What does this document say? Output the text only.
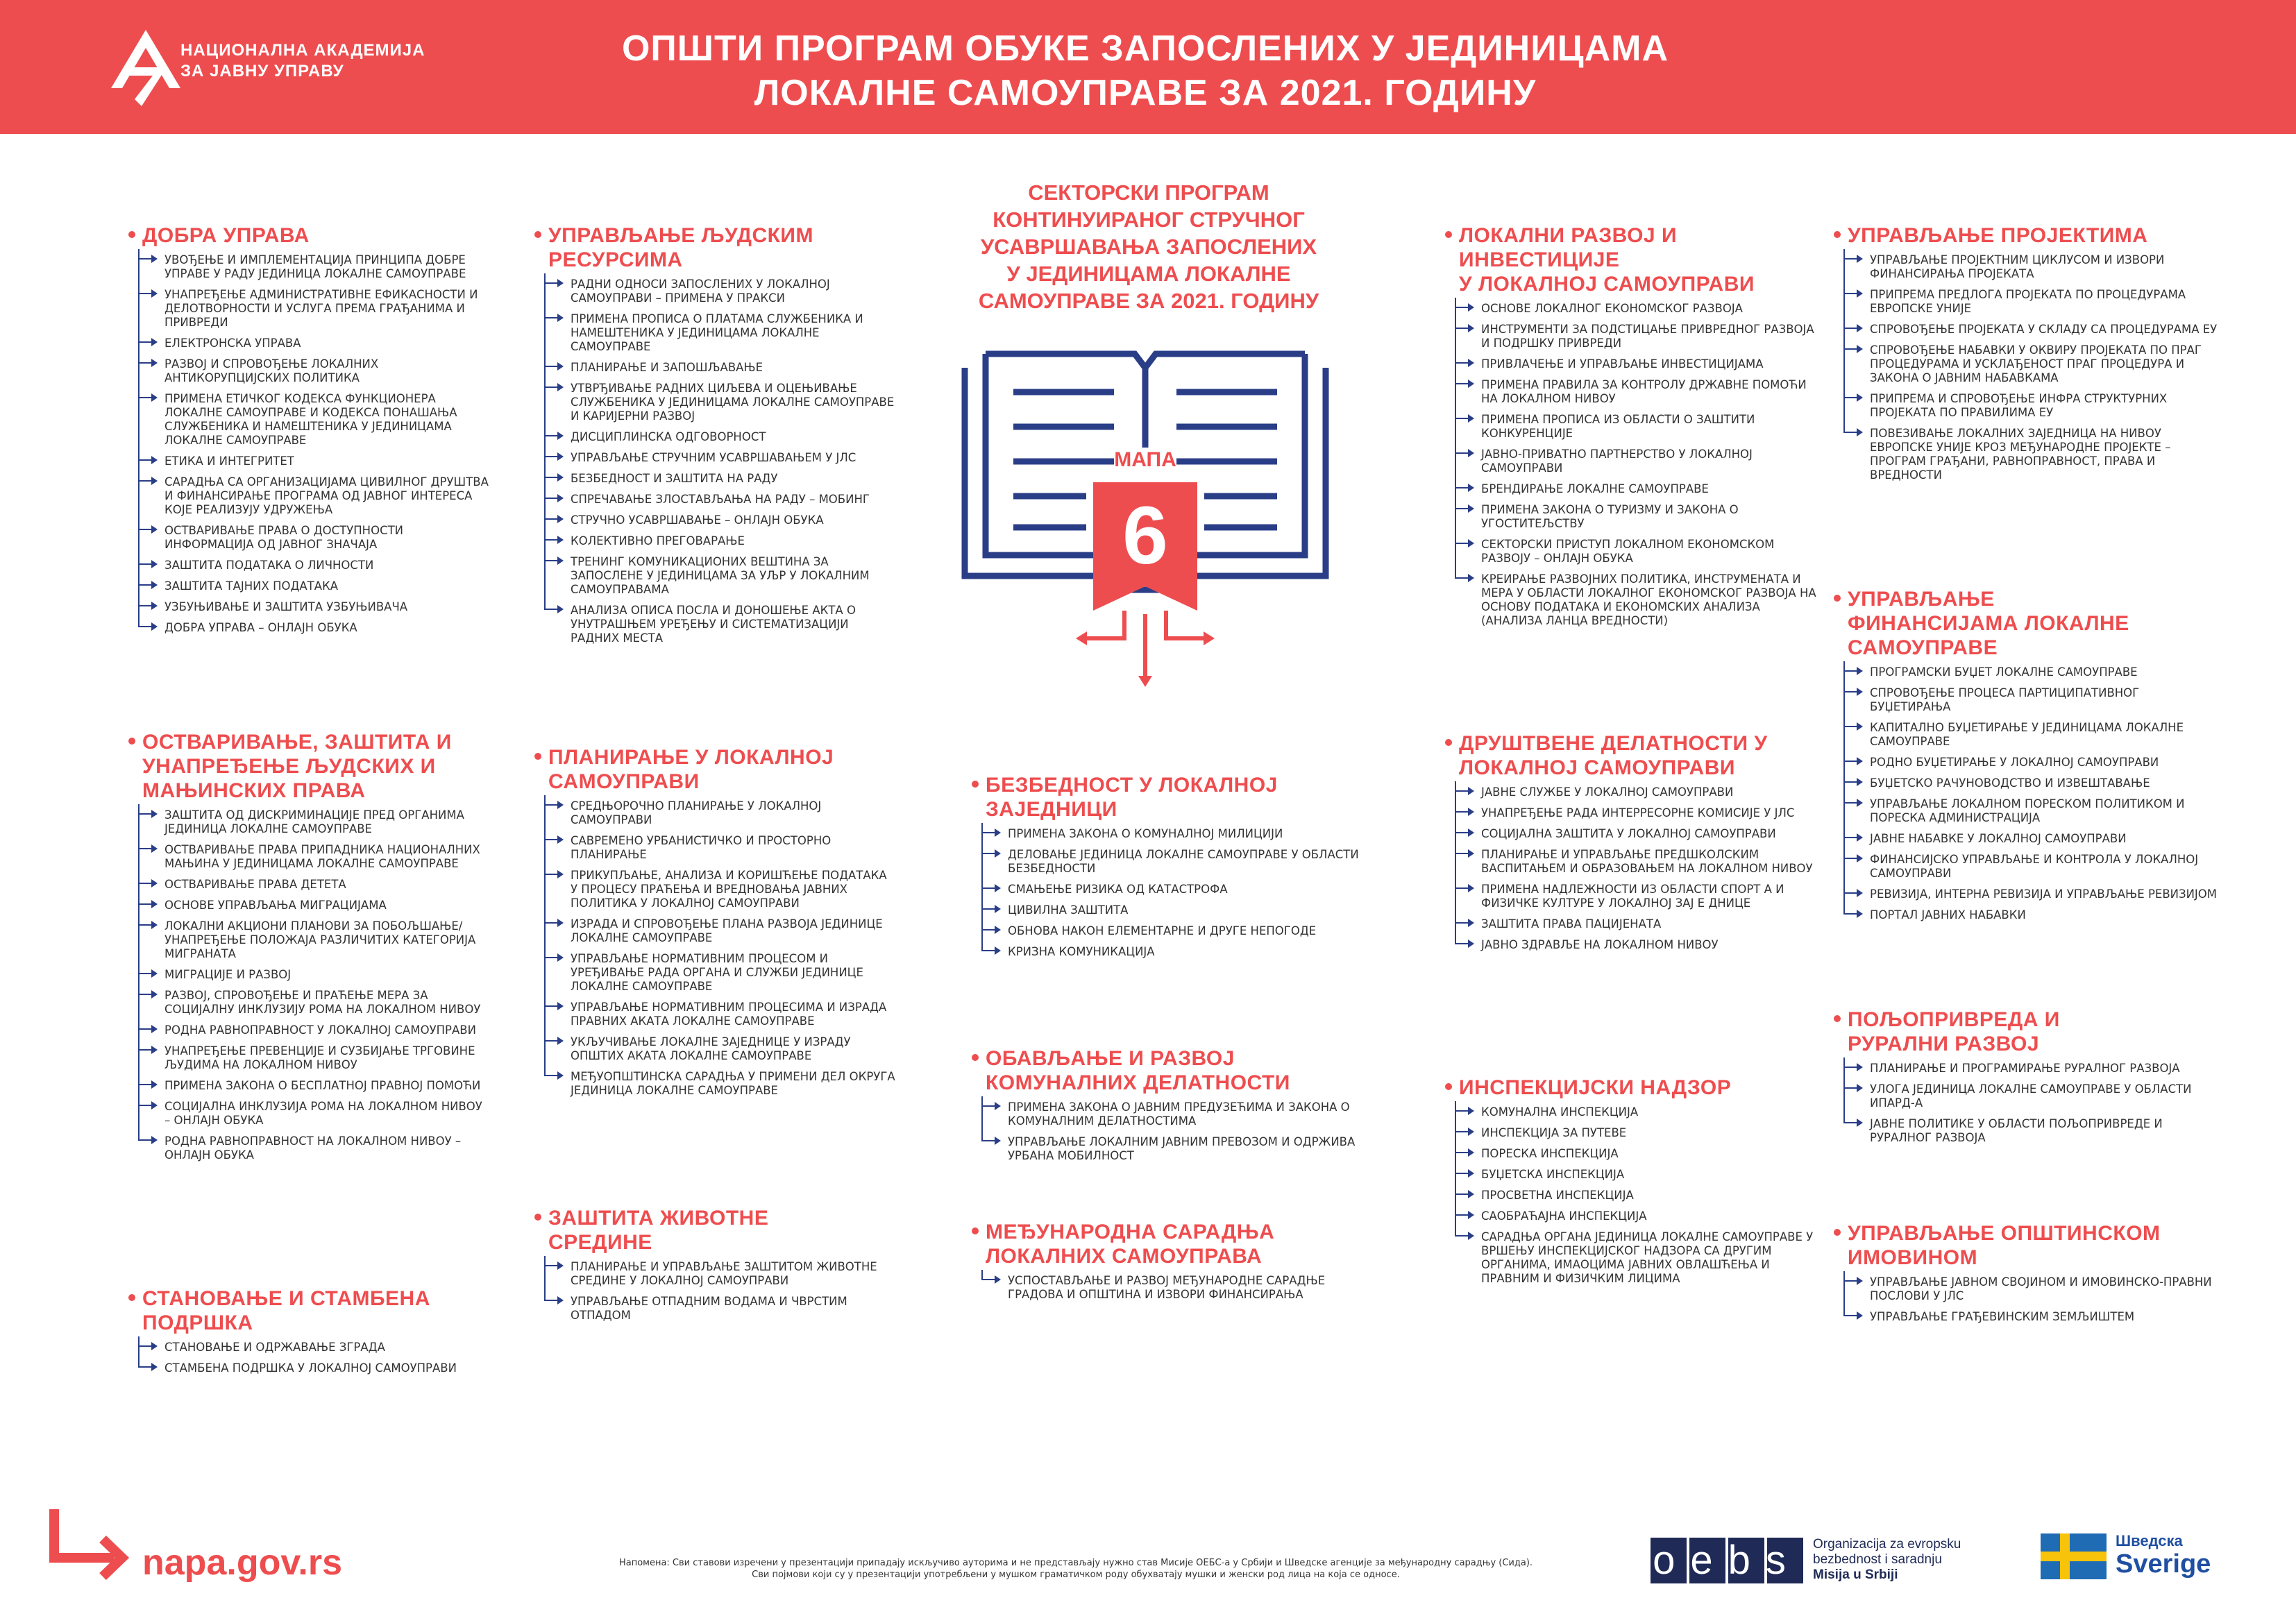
НАЦИОНАЛНА АКАДЕМИЈА
ЗА ЈАВНУ УПРАВУ
ОПШТИ ПРОГРАМ ОБУКЕ ЗАПОСЛЕНИХ У ЈЕДИНИЦАМА
ЛОКАЛНЕ САМОУПРАВЕ ЗА 2021. ГОДИНУ
ДОБРА УПРАВА
УВОЂЕЊЕ И ИМПЛЕМЕНТАЦИЈА ПРИНЦИПА ДОБРЕ УПРАВЕ У РАДУ ЈЕДИНИЦА ЛОКАЛНЕ САМОУПРАВЕ
УНАПРЕЂЕЊЕ АДМИНИСТРАТИВНЕ ЕФИКАСНОСТИ И ДЕЛОТВОРНОСТИ И УСЛУГА ПРЕМА ГРАЂАНИМА И ПРИВРЕДИ
ЕЛЕКТРОНСКА УПРАВА
РАЗВОЈ И СПРОВОЂЕЊЕ ЛОКАЛНИХ АНТИКОРУПЦИЈСКИХ ПОЛИТИКА
ПРИМЕНА ЕТИЧКОГ КОДЕКСА ФУНКЦИОНЕРА ЛОКАЛНЕ САМОУПРАВЕ И КОДЕКСА ПОНАШАЊА СЛУЖБЕНИКА И НАМЕШТЕНИКА У ЈЕДИНИЦАМА ЛОКАЛНЕ САМОУПРАВЕ
ЕТИКА И ИНТЕГРИТЕТ
САРАДЊА СА ОРГАНИЗАЦИЈАМА ЦИВИЛНОГ ДРУШТВА И ФИНАНСИРАЊЕ ПРОГРАМА ОД ЈАВНОГ ИНТЕРЕСА КОЈЕ РЕАЛИЗУЈУ УДРУЖЕЊА
ОСТВАРИВАЊЕ ПРАВА О ДОСТУПНОСТИ ИНФОРМАЦИЈА ОД ЈАВНОГ ЗНАЧАЈА
ЗАШТИТА ПОДАТАКА О ЛИЧНОСТИ
ЗАШТИТА ТАЈНИХ ПОДАТАКА
УЗБУЊИВАЊЕ И ЗАШТИТА УЗБУЊИВАЧА
ДОБРА УПРАВА – ОНЛАЈН ОБУКА
ОСТВАРИВАЊЕ, ЗАШТИТА И
УНАПРЕЂЕЊЕ ЉУДСКИХ И
МАЊИНСКИХ ПРАВА
ЗАШТИТА ОД ДИСКРИМИНАЦИЈЕ ПРЕД ОРГАНИМА ЈЕДИНИЦА ЛОКАЛНЕ САМОУПРАВЕ
ОСТВАРИВАЊЕ ПРАВА ПРИПАДНИКА НАЦИОНАЛНИХ МАЊИНА У ЈЕДИНИЦАМА ЛОКАЛНЕ САМОУПРАВЕ
ОСТВАРИВАЊЕ ПРАВА ДЕТЕТА
ОСНОВЕ УПРАВЉАЊА МИГРАЦИЈАМА
ЛОКАЛНИ АКЦИОНИ ПЛАНОВИ ЗА ПОБОЉШАЊЕ/УНАПРЕЂЕЊЕ ПОЛОЖАЈА РАЗЛИЧИТИХ КАТЕГОРИЈА МИГРАНАТА
МИГРАЦИЈЕ И РАЗВОЈ
РАЗВОЈ, СПРОВОЂЕЊЕ И ПРАЋЕЊЕ МЕРА ЗА СОЦИЈАЛНУ ИНКЛУЗИЈУ РОМА НА ЛОКАЛНОМ НИВОУ
РОДНА РАВНОПРАВНОСТ У ЛОКАЛНОЈ САМОУПРАВИ
УНАПРЕЂЕЊЕ ПРЕВЕНЦИЈЕ И СУЗБИЈАЊЕ ТРГОВИНЕ ЉУДИМА НА ЛОКАЛНОМ НИВОУ
ПРИМЕНА ЗАКОНА О БЕСПЛАТНОЈ ПРАВНОЈ ПОМОЋИ
СОЦИЈАЛНА ИНКЛУЗИЈА РОМА НА ЛОКАЛНОМ НИВОУ – ОНЛАЈН ОБУКА
РОДНА РАВНОПРАВНОСТ НА ЛОКАЛНОМ НИВОУ – ОНЛАЈН ОБУКА
СТАНОВАЊЕ И СТАМБЕНА
ПОДРШКА
СТАНОВАЊЕ И ОДРЖАВАЊЕ ЗГРАДА
СТАМБЕНА ПОДРШКА У ЛОКАЛНОЈ САМОУПРАВИ
УПРАВЉАЊЕ ЉУДСКИМ
РЕСУРСИМА
РАДНИ ОДНОСИ ЗАПОСЛЕНИХ У ЛОКАЛНОЈ САМОУПРАВИ – ПРИМЕНА У ПРАКСИ
ПРИМЕНА ПРОПИСА О ПЛАТАМА СЛУЖБЕНИКА И НАМЕШТЕНИКА У ЈЕДИНИЦАМА ЛОКАЛНЕ САМОУПРАВЕ
ПЛАНИРАЊЕ И ЗАПОШЉАВАЊЕ
УТВРЂИВАЊЕ РАДНИХ ЦИЉЕВА И ОЦЕЊИВАЊЕ СЛУЖБЕНИКА У ЈЕДИНИЦАМА ЛОКАЛНЕ САМОУПРАВЕ И КАРИЈЕРНИ РАЗВОЈ
ДИСЦИПЛИНСКА ОДГОВОРНОСТ
УПРАВЉАЊЕ СТРУЧНИМ УСАВРШАВАЊЕМ У ЈЛС
БЕЗБЕДНОСТ И ЗАШТИТА НА РАДУ
СПРЕЧАВАЊЕ ЗЛОСТАВЉАЊА НА РАДУ – МОБИНГ
СТРУЧНО УСАВРШАВАЊЕ – ОНЛАЈН ОБУКА
КОЛЕКТИВНО ПРЕГОВАРАЊЕ
ТРЕНИНГ КОМУНИКАЦИОНИХ ВЕШТИНА ЗА ЗАПОСЛЕНЕ У ЈЕДИНИЦАМА ЗА УЉР У ЛОКАЛНИМ САМОУПРАВАМА
АНАЛИЗА ОПИСА ПОСЛА И ДОНОШЕЊЕ АКТА О УНУТРАШЊЕМ УРЕЂЕЊУ И СИСТЕМАТИЗАЦИЈИ РАДНИХ МЕСТА
ПЛАНИРАЊЕ У ЛОКАЛНОЈ
САМОУПРАВИ
СРЕДЊОРОЧНО ПЛАНИРАЊЕ У ЛОКАЛНОЈ САМОУПРАВИ
САВРЕМЕНО УРБАНИСТИЧКО И ПРОСТОРНО ПЛАНИРАЊЕ
ПРИКУПЉАЊЕ, АНАЛИЗА И КОРИШЋЕЊЕ ПОДАТАКА У ПРОЦЕСУ ПРАЋЕЊА И ВРЕДНОВАЊА ЈАВНИХ ПОЛИТИКА У ЛОКАЛНОЈ САМОУПРАВИ
ИЗРАДА И СПРОВОЂЕЊЕ ПЛАНА РАЗВОЈА ЈЕДИНИЦЕ ЛОКАЛНЕ САМОУПРАВЕ
УПРАВЉАЊЕ НОРМАТИВНИМ ПРОЦЕСОМ И УРЕЂИВАЊЕ РАДА ОРГАНА И СЛУЖБИ ЈЕДИНИЦЕ ЛОКАЛНЕ САМОУПРАВЕ
УПРАВЉАЊЕ НОРМАТИВНИМ ПРОЦЕСИМА И ИЗРАДА ПРАВНИХ АКАТА ЛОКАЛНЕ САМОУПРАВЕ
УКЉУЧИВАЊЕ ЛОКАЛНЕ ЗАЈЕДНИЦЕ У ИЗРАДУ ОПШТИХ АКАТА ЛОКАЛНЕ САМОУПРАВЕ
МЕЂУОПШТИНСКА САРАДЊА У ПРИМЕНИ ДЕЛ ОКРУГА ЈЕДИНИЦА ЛОКАЛНЕ САМОУПРАВЕ
ЗАШТИТА ЖИВОТНЕ
СРЕДИНЕ
ПЛАНИРАЊЕ И УПРАВЉАЊЕ ЗАШТИТОМ ЖИВОТНЕ СРЕДИНЕ У ЛОКАЛНОЈ САМОУПРАВИ
УПРАВЉАЊЕ ОТПАДНИМ ВОДАМА И ЧВРСТИМ ОТПАДОМ
СЕКТОРСКИ ПРОГРАМ
КОНТИНУИРАНОГ СТРУЧНОГ
УСАВРШАВАЊА ЗАПОСЛЕНИХ
У ЈЕДИНИЦАМА ЛОКАЛНЕ
САМОУПРАВЕ ЗА 2021. ГОДИНУ
МАПА
6
БЕЗБЕДНОСТ У ЛОКАЛНОЈ
ЗАЈЕДНИЦИ
ПРИМЕНА ЗАКОНА О КОМУНАЛНОЈ МИЛИЦИЈИ
ДЕЛОВАЊЕ ЈЕДИНИЦА ЛОКАЛНЕ САМОУПРАВЕ У ОБЛАСТИ БЕЗБЕДНОСТИ
СМАЊЕЊЕ РИЗИКА ОД КАТАСТРОФА
ЦИВИЛНА ЗАШТИТА
ОБНОВА НАКОН ЕЛЕМЕНТАРНЕ И ДРУГЕ НЕПОГОДЕ
КРИЗНА КОМУНИКАЦИЈА
ОБАВЉАЊЕ И РАЗВОЈ
КОМУНАЛНИХ ДЕЛАТНОСТИ
ПРИМЕНА ЗАКОНА О ЈАВНИМ ПРЕДУЗЕЋИМА И ЗАКОНА О КОМУНАЛНИМ ДЕЛАТНОСТИМА
УПРАВЉАЊЕ ЛОКАЛНИМ ЈАВНИМ ПРЕВОЗОМ И ОДРЖИВА УРБАНА МОБИЛНОСТ
МЕЂУНАРОДНА САРАДЊА
ЛОКАЛНИХ САМОУПРАВА
УСПОСТАВЉАЊЕ И РАЗВОЈ МЕЂУНАРОДНЕ САРАДЊЕ ГРАДОВА И ОПШТИНА И ИЗВОРИ ФИНАНСИРАЊА
ЛОКАЛНИ РАЗВОЈ И
ИНВЕСТИЦИЈЕ
У ЛОКАЛНОЈ САМОУПРАВИ
ОСНОВЕ ЛОКАЛНОГ ЕКОНОМСКОГ РАЗВОЈА
ИНСТРУМЕНТИ ЗА ПОДСТИЦАЊЕ ПРИВРЕДНОГ РАЗВОЈА И ПОДРШКУ ПРИВРЕДИ
ПРИВЛАЧЕЊЕ И УПРАВЉАЊЕ ИНВЕСТИЦИЈАМА
ПРИМЕНА ПРАВИЛА ЗА КОНТРОЛУ ДРЖАВНЕ ПОМОЋИ НА ЛОКАЛНОМ НИВОУ
ПРИМЕНА ПРОПИСА ИЗ ОБЛАСТИ О ЗАШТИТИ КОНКУРЕНЦИЈЕ
ЈАВНО-ПРИВАТНО ПАРТНЕРСТВО У ЛОКАЛНОЈ САМОУПРАВИ
БРЕНДИРАЊЕ ЛОКАЛНЕ САМОУПРАВЕ
ПРИМЕНА ЗАКОНА О ТУРИЗМУ И ЗАКОНА О УГОСТИТЕЉСТВУ
СЕКТОРСКИ ПРИСТУП ЛОКАЛНОМ ЕКОНОМСКОМ РАЗВОЈУ – ОНЛАЈН ОБУКА
КРЕИРАЊЕ РАЗВОЈНИХ ПОЛИТИКА, ИНСТРУМЕНАТА И МЕРА У ОБЛАСТИ ЛОКАЛНОГ ЕКОНОМСКОГ РАЗВОЈА НА ОСНОВУ ПОДАТАКА И ЕКОНОМСКИХ АНАЛИЗА (АНАЛИЗА ЛАНЦА ВРЕДНОСТИ)
ДРУШТВЕНЕ ДЕЛАТНОСТИ У
ЛОКАЛНОЈ САМОУПРАВИ
ЈАВНЕ СЛУЖБЕ У ЛОКАЛНОЈ САМОУПРАВИ
УНАПРЕЂЕЊЕ РАДА ИНТЕРРЕСОРНЕ КОМИСИЈЕ У ЈЛС
СОЦИЈАЛНА ЗАШТИТА У ЛОКАЛНОЈ САМОУПРАВИ
ПЛАНИРАЊЕ И УПРАВЉАЊЕ ПРЕДШКОЛСКИМ ВАСПИТАЊЕМ И ОБРАЗОВАЊЕМ НА ЛОКАЛНОМ НИВОУ
ПРИМЕНА НАДЛЕЖНОСТИ ИЗ ОБЛАСТИ СПОРТ А И ФИЗИЧКЕ КУЛТУРЕ У ЛОКАЛНОЈ ЗАЈ Е ДНИЦЕ
ЗАШТИТА ПРАВА ПАЦИЈЕНАТА
ЈАВНО ЗДРАВЉЕ НА ЛОКАЛНОМ НИВОУ
ИНСПЕКЦИЈСКИ НАДЗОР
КОМУНАЛНА ИНСПЕКЦИЈА
ИНСПЕКЦИЈА ЗА ПУТЕВЕ
ПОРЕСКА ИНСПЕКЦИЈА
БУЏЕТСКА ИНСПЕКЦИЈА
ПРОСВЕТНА ИНСПЕКЦИЈА
САОБРАЋАЈНА ИНСПЕКЦИЈА
САРАДЊА ОРГАНА ЈЕДИНИЦА ЛОКАЛНЕ САМОУПРАВЕ У ВРШЕЊУ ИНСПЕКЦИЈСКОГ НАДЗОРА СА ДРУГИМ ОРГАНИМА, ИМАОЦИМА ЈАВНИХ ОВЛАШЋЕЊА И ПРАВНИМ И ФИЗИЧКИМ ЛИЦИМА
УПРАВЉАЊЕ ПРОЈЕКТИМА
УПРАВЉАЊЕ ПРОЈЕКТНИМ ЦИКЛУСОМ И ИЗВОРИ ФИНАНСИРАЊА ПРОЈЕКАТА
ПРИПРЕМА ПРЕДЛОГА ПРОЈЕКАТА ПО ПРОЦЕДУРАМА ЕВРОПСКЕ УНИЈЕ
СПРОВОЂЕЊЕ ПРОЈЕКАТА У СКЛАДУ СА ПРОЦЕДУРАМА ЕУ
СПРОВОЂЕЊЕ НАБАВКИ У ОКВИРУ ПРОЈЕКАТА ПО ПРАГ ПРОЦЕДУРАМА И УСКЛАЂЕНОСТ ПРАГ ПРОЦЕДУРА И ЗАКОНА О ЈАВНИМ НАБАВКАМА
ПРИПРЕМА И СПРОВОЂЕЊЕ ИНФРА СТРУКТУРНИХ ПРОЈЕКАТА ПО ПРАВИЛИМА ЕУ
ПОВЕЗИВАЊЕ ЛОКАЛНИХ ЗАЈЕДНИЦА НА НИВОУ ЕВРОПСКЕ УНИЈЕ КРОЗ МЕЂУНАРОДНЕ ПРОЈЕКТЕ – ПРОГРАМ ГРАЂАНИ, РАВНОПРАВНОСТ, ПРАВА И ВРЕДНОСТИ
УПРАВЉАЊЕ
ФИНАНСИЈАМА ЛОКАЛНЕ
САМОУПРАВЕ
ПРОГРАМСКИ БУЏЕТ ЛОКАЛНЕ САМОУПРАВЕ
СПРОВОЂЕЊЕ ПРОЦЕСА ПАРТИЦИПАТИВНОГ БУЏЕТИРАЊА
КАПИТАЛНО БУЏЕТИРАЊЕ У ЈЕДИНИЦАМА ЛОКАЛНЕ САМОУПРАВЕ
РОДНО БУЏЕТИРАЊЕ У ЛОКАЛНОЈ САМОУПРАВИ
БУЏЕТСКО РАЧУНОВОДСТВО И ИЗВЕШТАВАЊЕ
УПРАВЉАЊЕ ЛОКАЛНОМ ПОРЕСКОМ ПОЛИТИКОМ И ПОРЕСКА АДМИНИСТРАЦИЈА
ЈАВНЕ НАБАВКЕ У ЛОКАЛНОЈ САМОУПРАВИ
ФИНАНСИЈСКО УПРАВЉАЊЕ И КОНТРОЛА У ЛОКАЛНОЈ САМОУПРАВИ
РЕВИЗИЈА, ИНТЕРНА РЕВИЗИЈА И УПРАВЉАЊЕ РЕВИЗИЈОМ
ПОРТАЛ ЈАВНИХ НАБАВКИ
ПОЉОПРИВРЕДА И
РУРАЛНИ РАЗВОЈ
ПЛАНИРАЊЕ И ПРОГРАМИРАЊЕ РУРАЛНОГ РАЗВОЈА
УЛОГА ЈЕДИНИЦА ЛОКАЛНЕ САМОУПРАВЕ У ОБЛАСТИ ИПАРД-А
ЈАВНЕ ПОЛИТИКЕ У ОБЛАСТИ ПОЉОПРИВРЕДЕ И РУРАЛНОГ РАЗВОЈА
УПРАВЉАЊЕ ОПШТИНСКОМ
ИМОВИНОМ
УПРАВЉАЊЕ ЈАВНОМ СВОЈИНОМ И ИМОВИНСКО-ПРАВНИ ПОСЛОВИ У ЈЛС
УПРАВЉАЊЕ ГРАЂЕВИНСКИМ ЗЕМЉИШТЕМ
napa.gov.rs	Напомена: Сви ставови изречени у презентацији припадају искључиво ауторима и не представљају нужно став Мисије ОЕБС-а у Србији и Шведске агенције за међународну сарадњу (Сида).
Сви појмови који су у презентацији употребљени у мушком граматичком роду обухватају мушки и женски род лица на која се односе.	oebs Organizacija za evropsku
bezbednost i saradnju
Misija u Srbiji
Шведска
Sverige
